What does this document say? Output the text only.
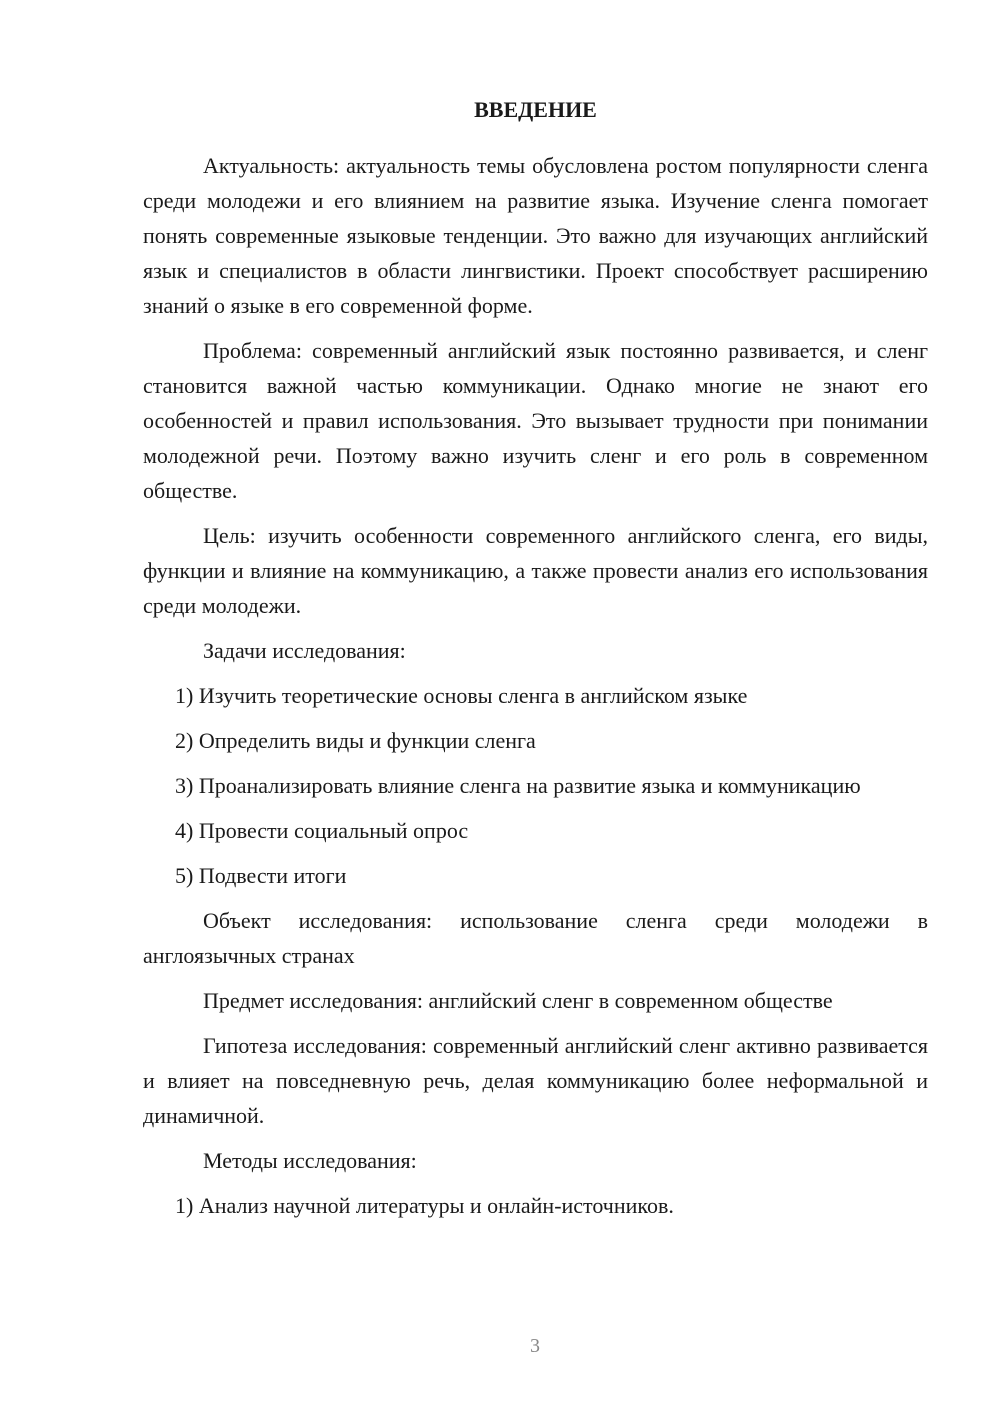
ВВЕДЕНИЕ

Актуальность: актуальность темы обусловлена ростом популярности сленга среди молодежи и его влиянием на развитие языка. Изучение сленга помогает понять современные языковые тенденции. Это важно для изучающих английский язык и специалистов в области лингвистики. Проект способствует расширению знаний о языке в его современной форме.

Проблема: современный английский язык постоянно развивается, и сленг становится важной частью коммуникации. Однако многие не знают его особенностей и правил использования. Это вызывает трудности при понимании молодежной речи. Поэтому важно изучить сленг и его роль в современном обществе.

Цель: изучить особенности современного английского сленга, его виды, функции и влияние на коммуникацию, а также провести анализ его использования среди молодежи.

Задачи исследования:

1) Изучить теоретические основы сленга в английском языке

2) Определить виды и функции сленга

3) Проанализировать влияние сленга на развитие языка и коммуникацию

4) Провести социальный опрос

5) Подвести итоги

Объект исследования: использование сленга среди молодежи в англоязычных странах

Предмет исследования: английский сленг в современном обществе

Гипотеза исследования: современный английский сленг активно развивается и влияет на повседневную речь, делая коммуникацию более неформальной и динамичной.

Методы исследования:

1) Анализ научной литературы и онлайн-источников.

3
